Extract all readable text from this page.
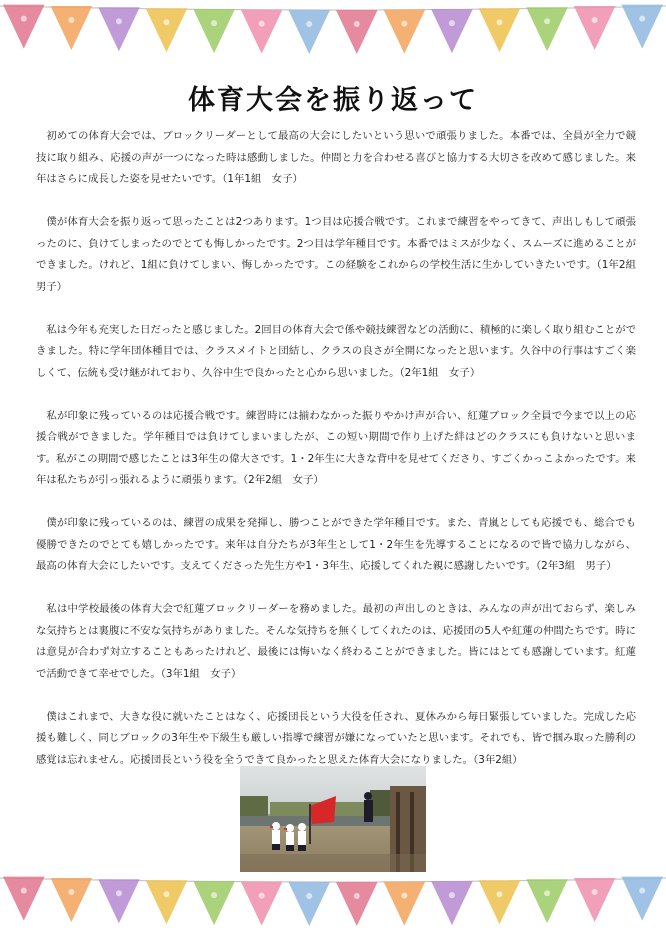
体育大会を振り返って

初めての体育大会では、ブロックリーダーとして最高の大会にしたいという思いで頑張りました。本番では、全員が全力で競技に取り組み、応援の声が一つになった時は感動しました。仲間と力を合わせる喜びと協力する大切さを改めて感じました。来年はさらに成長した姿を見せたいです。（1年1組　女子）

僕が体育大会を振り返って思ったことは2つあります。1つ目は応援合戦です。これまで練習をやってきて、声出しもして頑張ったのに、負けてしまったのでとても悔しかったです。2つ目は学年種目です。本番ではミスが少なく、スムーズに進めることができました。けれど、1組に負けてしまい、悔しかったです。この経験をこれからの学校生活に生かしていきたいです。（1年2組　男子）

私は今年も充実した日だったと感じました。2回目の体育大会で係や競技練習などの活動に、積極的に楽しく取り組むことができました。特に学年団体種目では、クラスメイトと団結し、クラスの良さが全開になったと思います。久谷中の行事はすごく楽しくて、伝統も受け継がれており、久谷中生で良かったと心から思いました。（2年1組　女子）

私が印象に残っているのは応援合戦です。練習時には揃わなかった振りやかけ声が合い、紅蓮ブロック全員で今まで以上の応援合戦ができました。学年種目では負けてしまいましたが、この短い期間で作り上げた絆はどのクラスにも負けないと思います。私がこの期間で感じたことは3年生の偉大さです。1・2年生に大きな背中を見せてくださり、すごくかっこよかったです。来年は私たちが引っ張れるように頑張ります。（2年2組　女子）

僕が印象に残っているのは、練習の成果を発揮し、勝つことができた学年種目です。また、青嵐としても応援でも、総合でも優勝できたのでとても嬉しかったです。来年は自分たちが3年生として1・2年生を先導することになるので皆で協力しながら、最高の体育大会にしたいです。支えてくださった先生方や1・3年生、応援してくれた親に感謝したいです。（2年3組　男子）

私は中学校最後の体育大会で紅蓮ブロックリーダーを務めました。最初の声出しのときは、みんなの声が出ておらず、楽しみな気持ちとは裏腹に不安な気持ちがありました。そんな気持ちを無くしてくれたのは、応援団の5人や紅蓮の仲間たちです。時には意見が合わず対立することもあったけれど、最後には悔いなく終わることができました。皆にはとても感謝しています。紅蓮で活動できて幸せでした。（3年1組　女子）

僕はこれまで、大きな役に就いたことはなく、応援団長という大役を任され、夏休みから毎日緊張していました。完成した応援も難しく、同じブロックの3年生や下級生も厳しい指導で練習が嫌になっていたと思います。それでも、皆で掴み取った勝利の感覚は忘れません。応援団長という役を全うできて良かったと思えた体育大会になりました。（3年2組）
